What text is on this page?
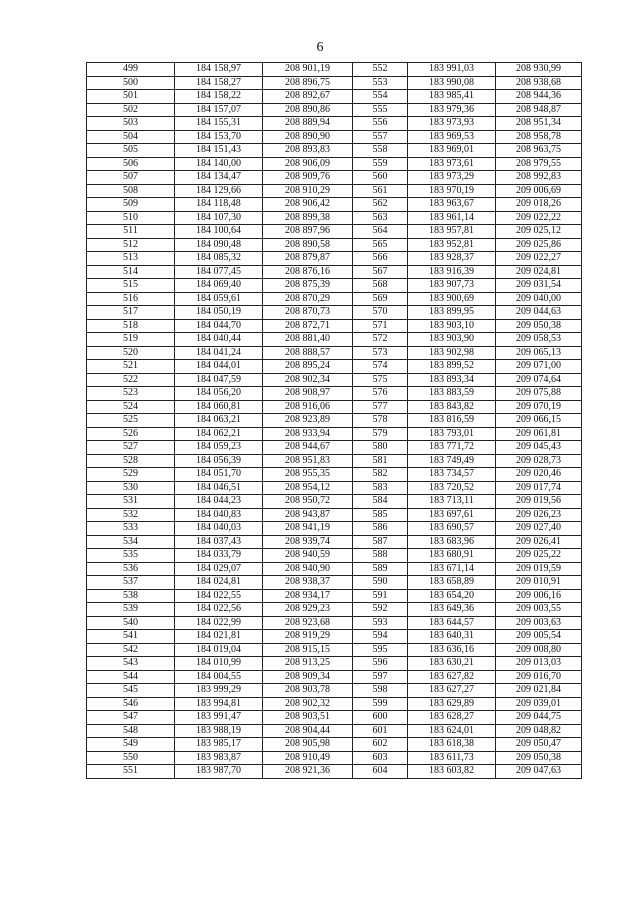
6
499	184 158,97	208 901,19	552	183 991,03	208 930,99
500	184 158,27	208 896,75	553	183 990,08	208 938,68
501	184 158,22	208 892,67	554	183 985,41	208 944,36
502	184 157,07	208 890,86	555	183 979,36	208 948,87
503	184 155,31	208 889,94	556	183 973,93	208 951,34
504	184 153,70	208 890,90	557	183 969,53	208 958,78
505	184 151,43	208 893,83	558	183 969,01	208 963,75
506	184 140,00	208 906,09	559	183 973,61	208 979,55
507	184 134,47	208 909,76	560	183 973,29	208 992,83
508	184 129,66	208 910,29	561	183 970,19	209 006,69
509	184 118,48	208 906,42	562	183 963,67	209 018,26
510	184 107,30	208 899,38	563	183 961,14	209 022,22
511	184 100,64	208 897,96	564	183 957,81	209 025,12
512	184 090,48	208 890,58	565	183 952,81	209 025,86
513	184 085,32	208 879,87	566	183 928,37	209 022,27
514	184 077,45	208 876,16	567	183 916,39	209 024,81
515	184 069,40	208 875,39	568	183 907,73	209 031,54
516	184 059,61	208 870,29	569	183 900,69	209 040,00
517	184 050,19	208 870,73	570	183 899,95	209 044,63
518	184 044,70	208 872,71	571	183 903,10	209 050,38
519	184 040,44	208 881,40	572	183 903,90	209 058,53
520	184 041,24	208 888,57	573	183 902,98	209 065,13
521	184 044,01	208 895,24	574	183 899,52	209 071,00
522	184 047,59	208 902,34	575	183 893,34	209 074,64
523	184 056,20	208 908,97	576	183 883,59	209 075,88
524	184 060,81	208 916,06	577	183 843,82	209 070,19
525	184 063,21	208 923,89	578	183 816,59	209 066,15
526	184 062,21	208 933,94	579	183 793,01	209 061,81
527	184 059,23	208 944,67	580	183 771,72	209 045,43
528	184 056,39	208 951,83	581	183 749,49	209 028,73
529	184 051,70	208 955,35	582	183 734,57	209 020,46
530	184 046,51	208 954,12	583	183 720,52	209 017,74
531	184 044,23	208 950,72	584	183 713,11	209 019,56
532	184 040,83	208 943,87	585	183 697,61	209 026,23
533	184 040,03	208 941,19	586	183 690,57	209 027,40
534	184 037,43	208 939,74	587	183 683,96	209 026,41
535	184 033,79	208 940,59	588	183 680,91	209 025,22
536	184 029,07	208 940,90	589	183 671,14	209 019,59
537	184 024,81	208 938,37	590	183 658,89	209 010,91
538	184 022,55	208 934,17	591	183 654,20	209 006,16
539	184 022,56	208 929,23	592	183 649,36	209 003,55
540	184 022,99	208 923,68	593	183 644,57	209 003,63
541	184 021,81	208 919,29	594	183 640,31	209 005,54
542	184 019,04	208 915,15	595	183 636,16	209 008,80
543	184 010,99	208 913,25	596	183 630,21	209 013,03
544	184 004,55	208 909,34	597	183 627,82	209 016,70
545	183 999,29	208 903,78	598	183 627,27	209 021,84
546	183 994,81	208 902,32	599	183 629,89	209 039,01
547	183 991,47	208 903,51	600	183 628,27	209 044,75
548	183 988,19	208 904,44	601	183 624,01	209 048,82
549	183 985,17	208 905,98	602	183 618,38	209 050,47
550	183 983,87	208 910,49	603	183 611,73	209 050,38
551	183 987,70	208 921,36	604	183 603,82	209 047,63
